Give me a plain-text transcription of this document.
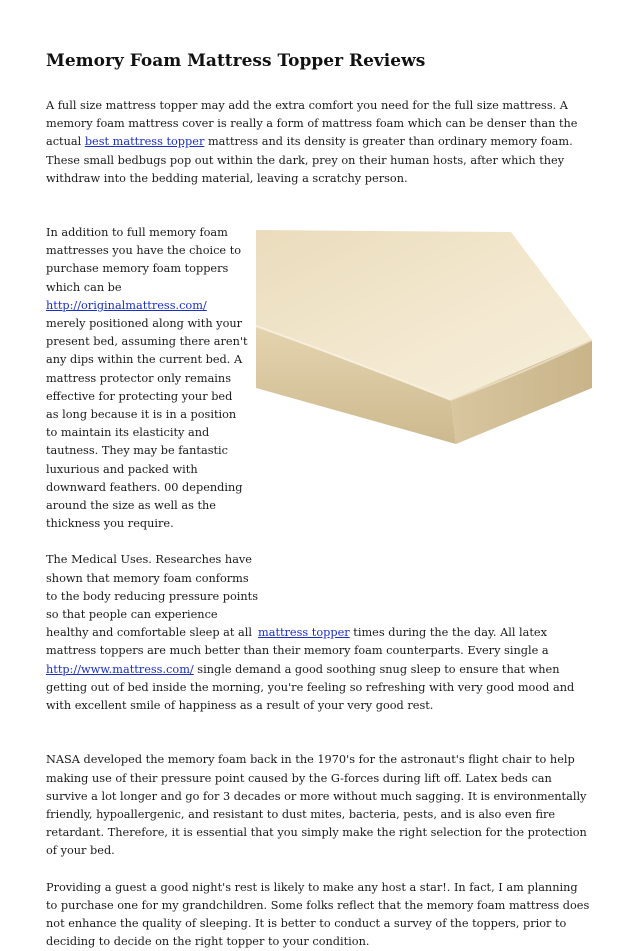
Memory Foam Mattress Topper Reviews

A full size mattress topper may add the extra comfort you need for the full size mattress. A memory foam mattress cover is really a form of mattress foam which can be denser than the actual best mattress topper mattress and its density is greater than ordinary memory foam. These small bedbugs pop out within the dark, prey on their human hosts, after which they withdraw into the bedding material, leaving a scratchy person.

In addition to full memory foam mattresses you have the choice to purchase memory foam toppers which can be http://originalmattress.com/ merely positioned along with your present bed, assuming there aren't any dips within the current bed. A mattress protector only remains effective for protecting your bed as long because it is in a position to maintain its elasticity and tautness. They may be fantastic luxurious and packed with downward feathers. 00 depending around the size as well as the thickness you require.

The Medical Uses. Researches have shown that memory foam conforms to the body reducing pressure points so that people can experience healthy and comfortable sleep at allmattress topper times during the the day. All latex mattress toppers are much better than their memory foam counterparts. Every single a http://www.mattress.com/ single demand a good soothing snug sleep to ensure that when getting out of bed inside the morning, you're feeling so refreshing with very good mood and with excellent smile of happiness as a result of your very good rest.

NASA developed the memory foam back in the 1970's for the astronaut's flight chair to help making use of their pressure point caused by the G-forces during lift off. Latex beds can survive a lot longer and go for 3 decades or more without much sagging. It is environmentally friendly, hypoallergenic, and resistant to dust mites, bacteria, pests, and is also even fire retardant. Therefore, it is essential that you simply make the right selection for the protection of your bed.

Providing a guest a good night's rest is likely to make any host a star!. In fact, I am planning to purchase one for my grandchildren. Some folks reflect that the memory foam mattress does not enhance the quality of sleeping. It is better to conduct a survey of the toppers, prior to deciding to decide on the right topper to your condition.
